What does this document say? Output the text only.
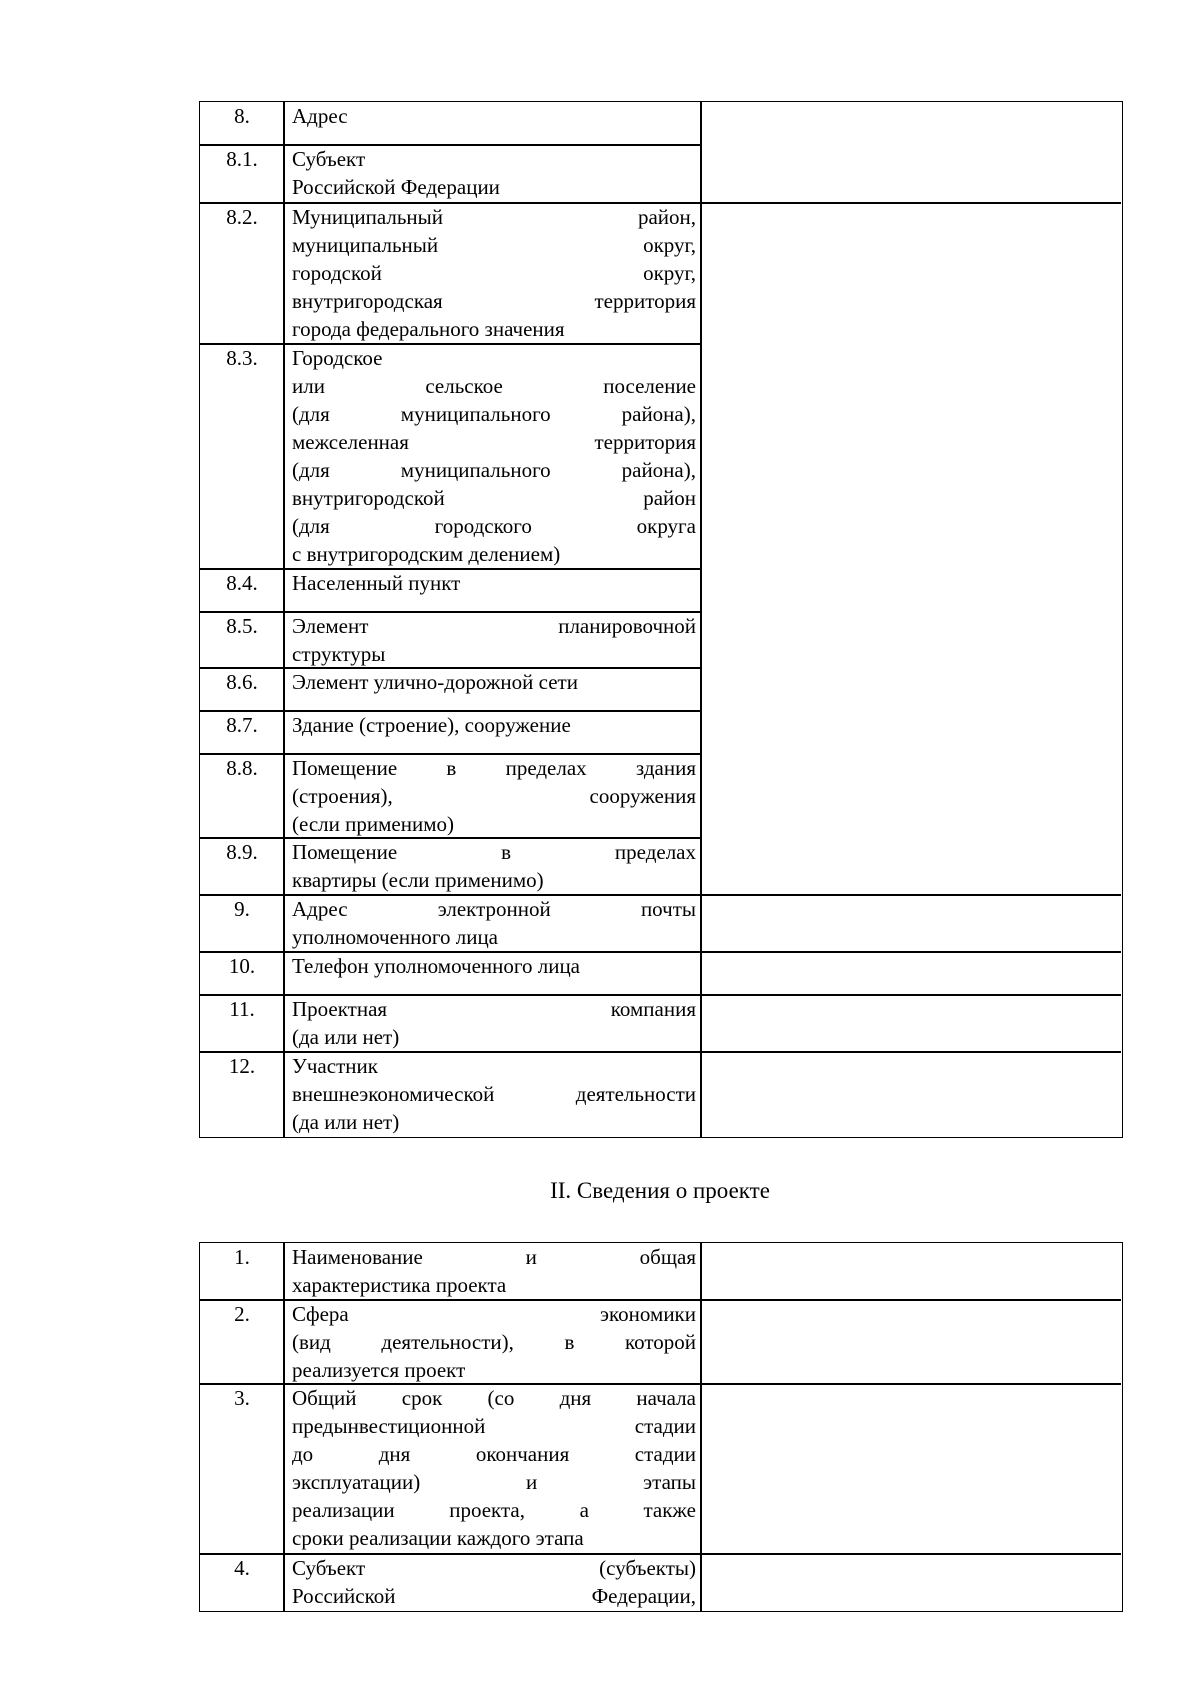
8.	Адрес
8.1.	Субъект
Российской Федерации
8.2.	Муниципальный район,
муниципальный округ,
городской округ,
внутригородская территория
города федерального значения
8.3.	Городское
или сельское поселение
(для муниципального района),
межселенная территория
(для муниципального района),
внутригородской район
(для городского округа
с внутригородским делением)
8.4.	Населенный пункт
8.5.	Элемент планировочной
структуры
8.6.	Элемент улично-дорожной сети
8.7.	Здание (строение), сооружение
8.8.	Помещение в пределах здания
(строения), сооружения
(если применимо)
8.9.	Помещение в пределах
квартиры (если применимо)
9.	Адрес электронной почты
уполномоченного лица
10.	Телефон уполномоченного лица
11.	Проектная компания
(да или нет)
12.	Участник
внешнеэкономической деятельности
(да или нет)
II. Сведения о проекте
1.	Наименование и общая
характеристика проекта
2.	Сфера экономики
(вид деятельности), в которой
реализуется проект
3.	Общий срок (со дня начала
предынвестиционной стадии
до дня окончания стадии
эксплуатации) и этапы
реализации проекта, а также
сроки реализации каждого этапа
4.	Субъект (субъекты)
Российской Федерации,
